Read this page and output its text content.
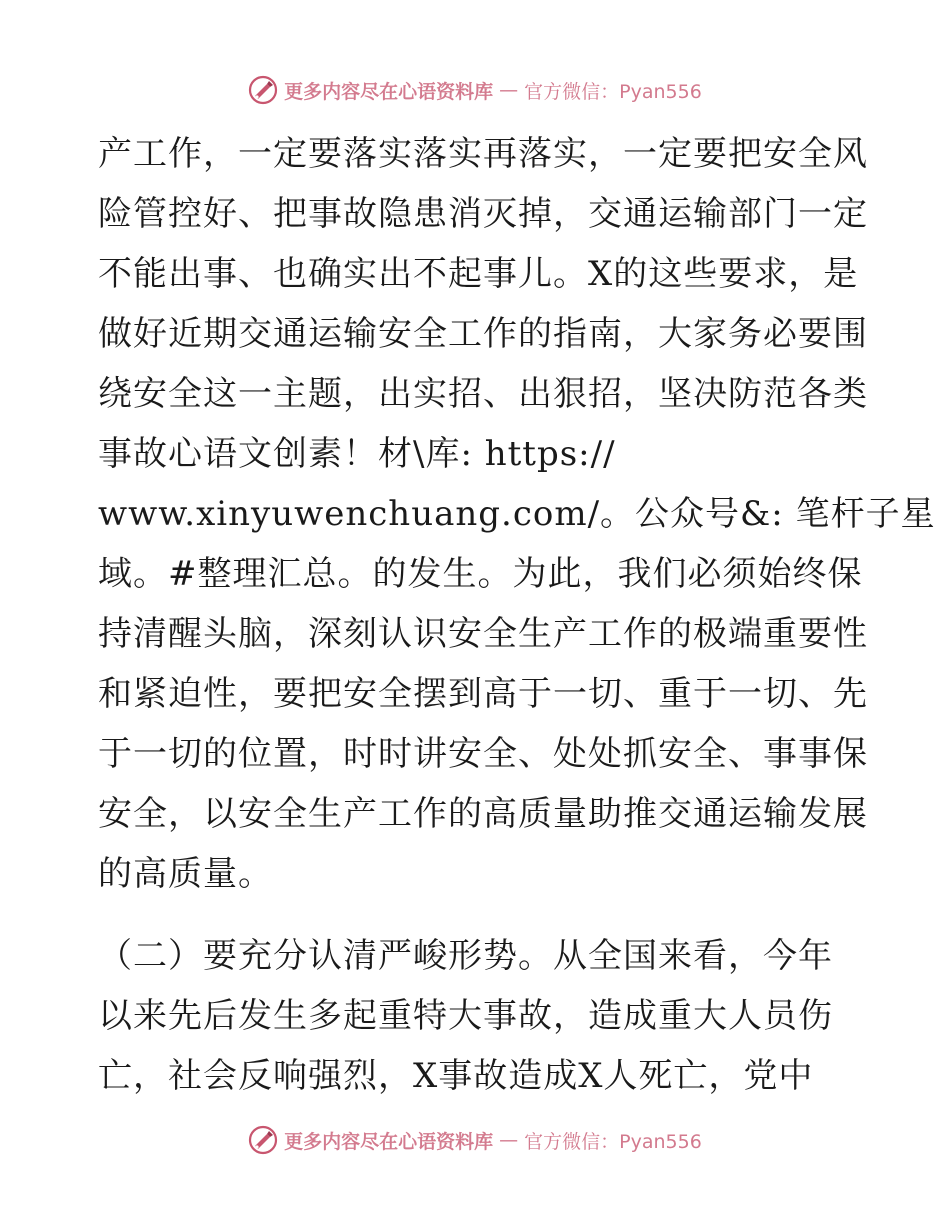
更多内容尽在心语资料库 — 官方微信：Pyan556
产工作，一定要落实落实再落实，一定要把安全风
险管控好、把事故隐患消灭掉，交通运输部门一定
不能出事、也确实出不起事儿。X的这些要求，是
做好近期交通运输安全工作的指南，大家务必要围
绕安全这一主题，出实招、出狠招，坚决防范各类
事故心语文创素！材\库: https://
www.xinyuwenchuang.com/。公众号&: 笔杆子星
域。#整理汇总。的发生。为此，我们必须始终保
持清醒头脑，深刻认识安全生产工作的极端重要性
和紧迫性，要把安全摆到高于一切、重于一切、先
于一切的位置，时时讲安全、处处抓安全、事事保
安全，以安全生产工作的高质量助推交通运输发展
的高质量。
（二）要充分认清严峻形势。从全国来看，今年
以来先后发生多起重特大事故，造成重大人员伤
亡，社会反响强烈，X事故造成X人死亡，党中
更多内容尽在心语资料库 — 官方微信：Pyan556
